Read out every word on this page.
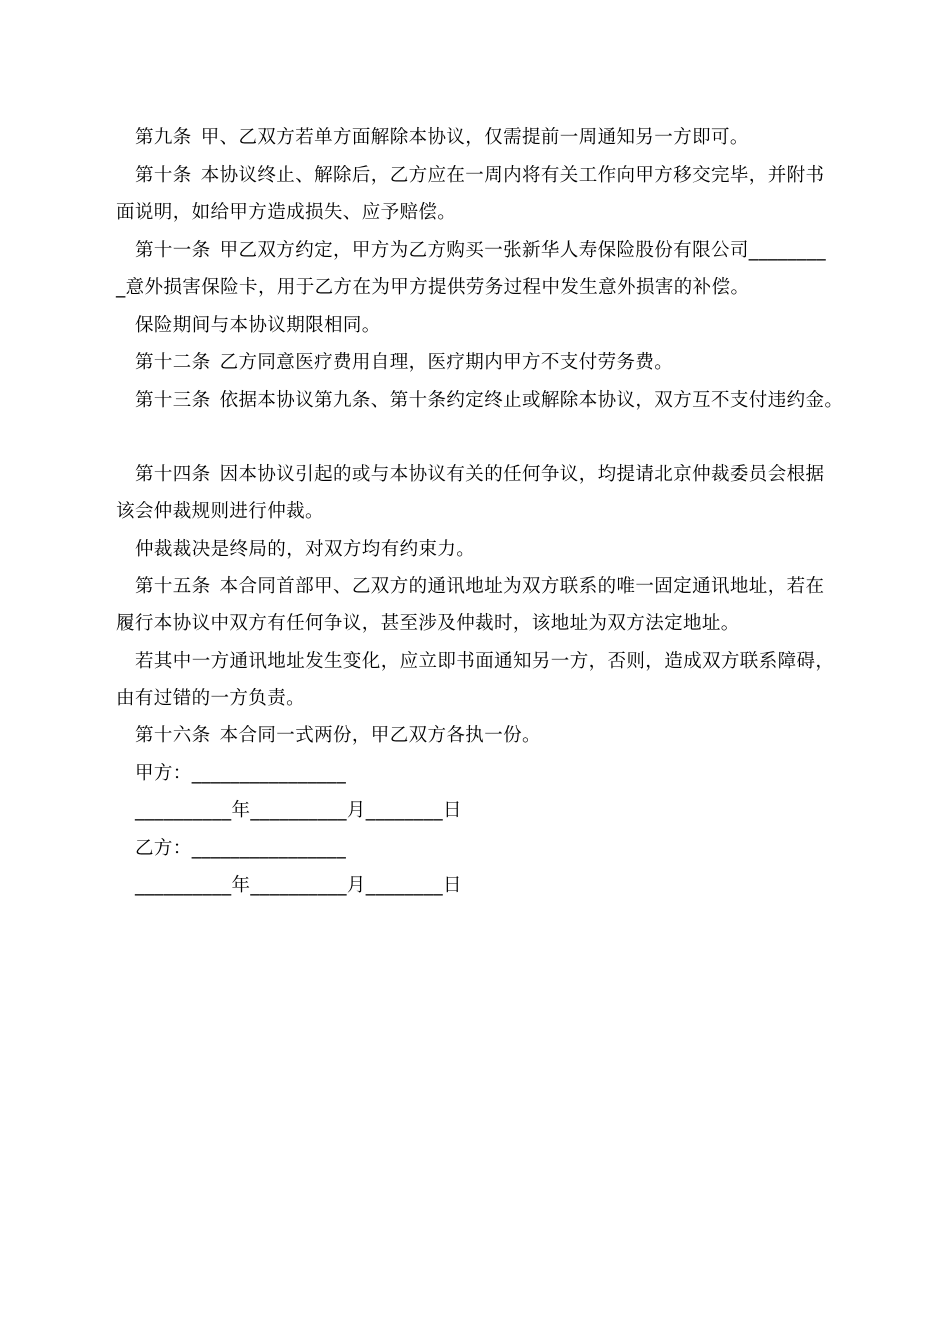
第九条 甲、乙双方若单方面解除本协议，仅需提前一周通知另一方即可。
第十条 本协议终止、解除后，乙方应在一周内将有关工作向甲方移交完毕，并附书
面说明，如给甲方造成损失、应予赔偿。
第十一条 甲乙双方约定，甲方为乙方购买一张新华人寿保险股份有限公司________
_意外损害保险卡，用于乙方在为甲方提供劳务过程中发生意外损害的补偿。
保险期间与本协议期限相同。
第十二条 乙方同意医疗费用自理，医疗期内甲方不支付劳务费。
第十三条 依据本协议第九条、第十条约定终止或解除本协议，双方互不支付违约金。
第十四条 因本协议引起的或与本协议有关的任何争议，均提请北京仲裁委员会根据
该会仲裁规则进行仲裁。
仲裁裁决是终局的，对双方均有约束力。
第十五条 本合同首部甲、乙双方的通讯地址为双方联系的唯一固定通讯地址，若在
履行本协议中双方有任何争议，甚至涉及仲裁时，该地址为双方法定地址。
若其中一方通讯地址发生变化，应立即书面通知另一方，否则，造成双方联系障碍，
由有过错的一方负责。
第十六条 本合同一式两份，甲乙双方各执一份。
甲方：________________
__________年__________月________日
乙方：________________
__________年__________月________日
